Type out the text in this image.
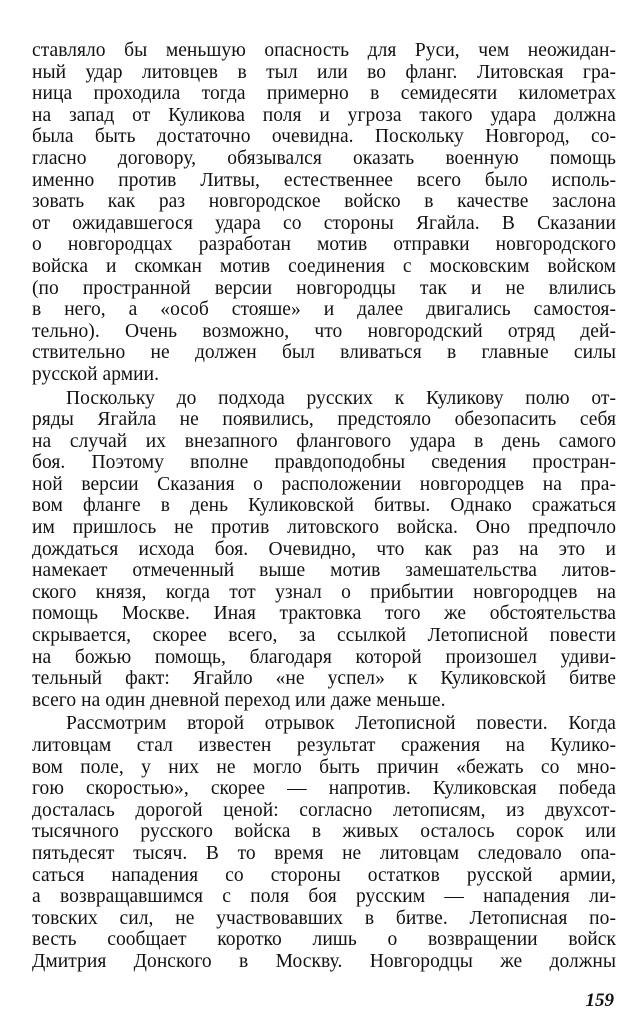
ставляло бы меньшую опасность для Руси, чем неожидан-
ный удар литовцев в тыл или во фланг. Литовская гра-
ница проходила тогда примерно в семидесяти километрах
на запад от Куликова поля и угроза такого удара должна
была быть достаточно очевидна. Поскольку Новгород, со-
гласно договору, обязывался оказать военную помощь
именно против Литвы, естественнее всего было исполь-
зовать как раз новгородское войско в качестве заслона
от ожидавшегося удара со стороны Ягайла. В Сказании
о новгородцах разработан мотив отправки новгородского
войска и скомкан мотив соединения с московским войском
(по пространной версии новгородцы так и не влились
в него, а «особ стояше» и далее двигались самостоя-
тельно). Очень возможно, что новгородский отряд дей-
ствительно не должен был вливаться в главные силы
русской армии.
Поскольку до подхода русских к Куликову полю от-
ряды Ягайла не появились, предстояло обезопасить себя
на случай их внезапного флангового удара в день самого
боя. Поэтому вполне правдоподобны сведения простран-
ной версии Сказания о расположении новгородцев на пра-
вом фланге в день Куликовской битвы. Однако сражаться
им пришлось не против литовского войска. Оно предпочло
дождаться исхода боя. Очевидно, что как раз на это и
намекает отмеченный выше мотив замешательства литов-
ского князя, когда тот узнал о прибытии новгородцев на
помощь Москве. Иная трактовка того же обстоятельства
скрывается, скорее всего, за ссылкой Летописной повести
на божью помощь, благодаря которой произошел удиви-
тельный факт: Ягайло «не успел» к Куликовской битве
всего на один дневной переход или даже меньше.
Рассмотрим второй отрывок Летописной повести. Когда
литовцам стал известен результат сражения на Кулико-
вом поле, у них не могло быть причин «бежать со мно-
гою скоростью», скорее — напротив. Куликовская победа
досталась дорогой ценой: согласно летописям, из двухсот-
тысячного русского войска в живых осталось сорок или
пятьдесят тысяч. В то время не литовцам следовало опа-
саться нападения со стороны остатков русской армии,
а возвращавшимся с поля боя русским — нападения ли-
товских сил, не участвовавших в битве. Летописная по-
весть сообщает коротко лишь о возвращении войск
Дмитрия Донского в Москву. Новгородцы же должны
159
